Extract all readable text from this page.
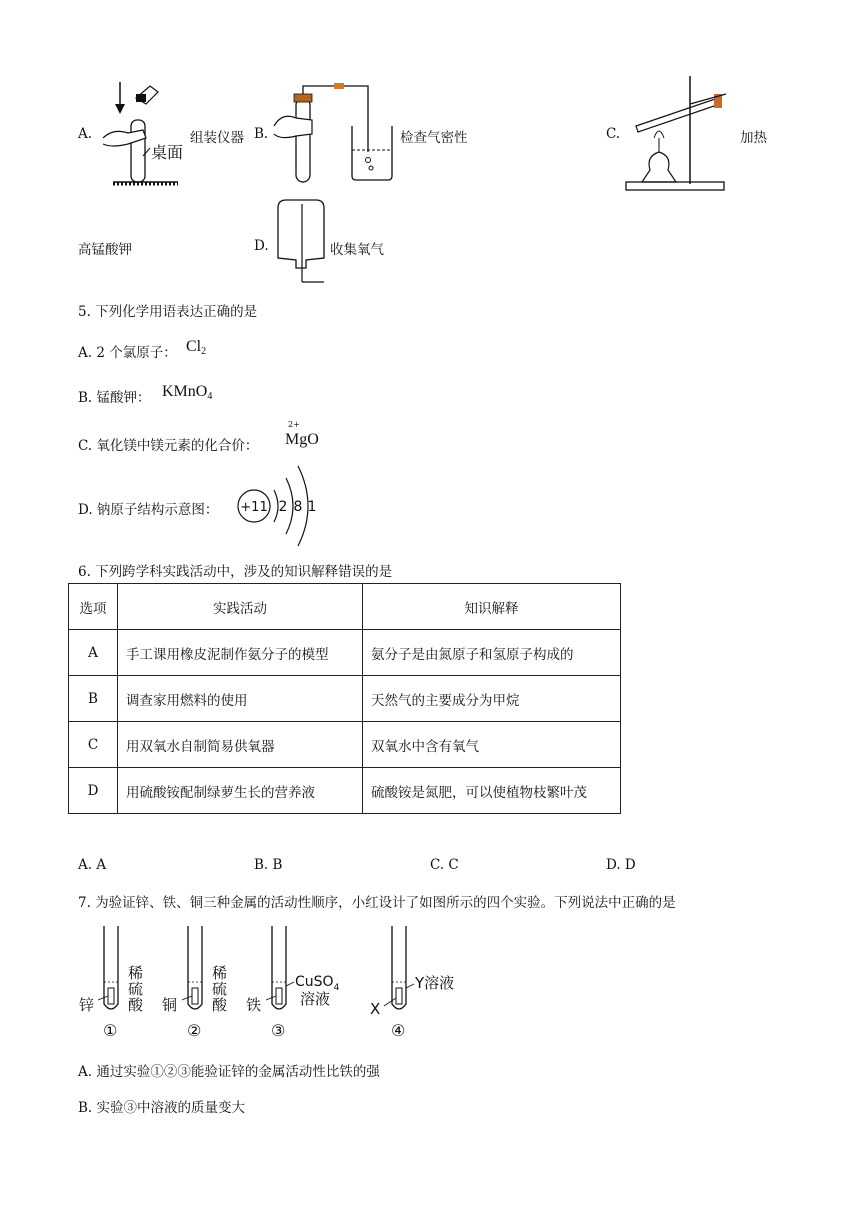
A.
桌面
组装仪器 B.	检查气密性	C.	加热
高锰酸钾	D.	收集氧气
5. 下列化学用语表达正确的是
A. 2 个氯原子： $Cl_2$
B. 锰酸钾： KMnO$_4$
C. 氧化镁中镁元素的化合价：
2+
MgO
D. 钠原子结构示意图： +11 2 8 1
6. 下列跨学科实践活动中，涉及的知识解释错误的是
选项	实践活动	知识解释
A	手工课用橡皮泥制作氨分子的模型	氨分子是由氮原子和氢原子构成的
B	调查家用燃料的使用	天然气的主要成分为甲烷
C	用双氧水自制简易供氧器	双氧水中含有氧气
D	用硫酸铵配制绿萝生长的营养液	硫酸铵是氮肥，可以使植物枝繁叶茂
A. A	B. B	C. C	D. D
7. 为验证锌、铁、铜三种金属的活动性顺序，小红设计了如图所示的四个实验。下列说法中正确的是
锌
稀
硫
酸
①
铜
稀
硫
酸
②
铁
CuSO$_4$
溶液
③
X
Y溶液
④
A. 通过实验①②③能验证锌的金属活动性比铁的强
B. 实验③中溶液的质量变大
